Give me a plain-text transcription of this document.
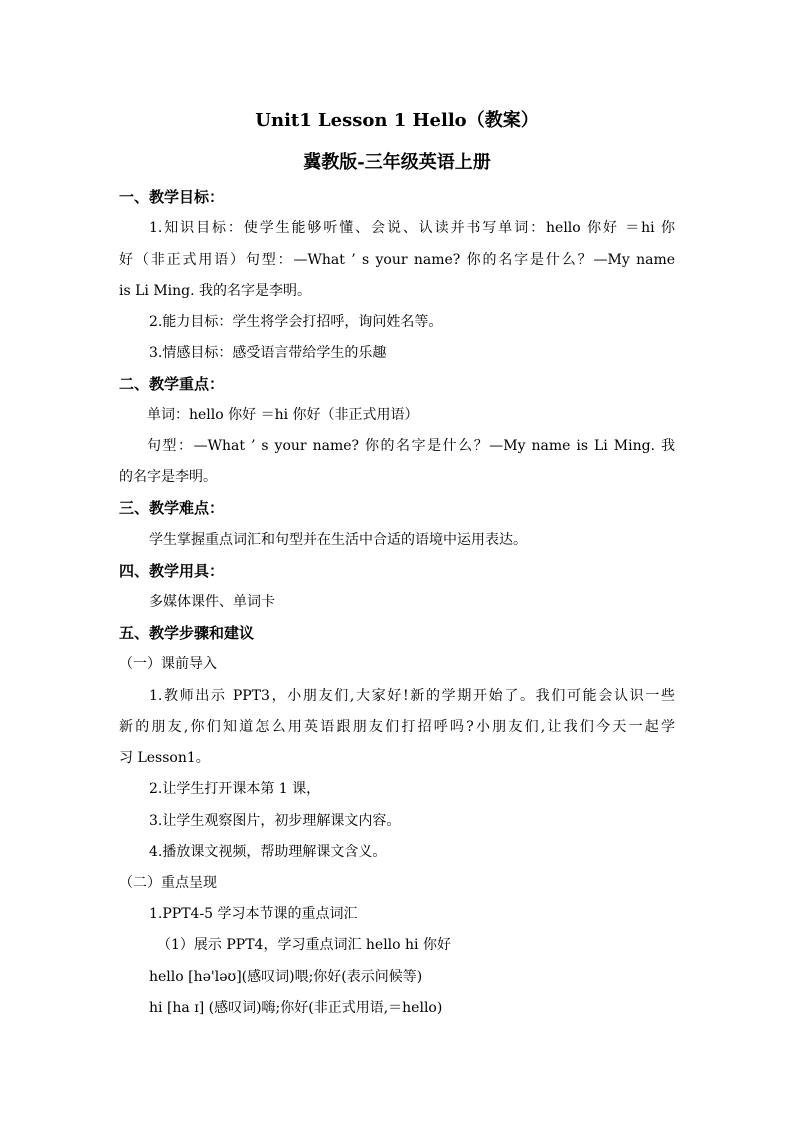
Unit1 Lesson 1 Hello（教案）
冀教版-三年级英语上册
一、教学目标：
1.知识目标：使学生能够听懂、会说、认读并书写单词：hello 你好 ＝hi 你
好（非正式用语）句型：—What ’ s your name? 你的名字是什么？—My name
is Li Ming. 我的名字是李明。
2.能力目标：学生将学会打招呼，询问姓名等。
3.情感目标：感受语言带给学生的乐趣
二、教学重点：
单词：hello 你好 ＝hi 你好（非正式用语）
句型：—What ’ s your name? 你的名字是什么？—My name is Li Ming. 我
的名字是李明。
三、教学难点：
学生掌握重点词汇和句型并在生活中合适的语境中运用表达。
四、教学用具：
多媒体课件、单词卡
五、教学步骤和建议
（一）课前导入
1.教师出示 PPT3，小朋友们,大家好!新的学期开始了。我们可能会认识一些
新的朋友,你们知道怎么用英语跟朋友们打招呼吗?小朋友们,让我们今天一起学
习 Lesson1。
2.让学生打开课本第 1 课，
3.让学生观察图片，初步理解课文内容。
4.播放课文视频，帮助理解课文含义。
（二）重点呈现
1.PPT4-5 学习本节课的重点词汇
（1）展示 PPT4，学习重点词汇 hello hi 你好
hello [hə'ləʊ](感叹词)喂;你好(表示问候等)
hi [ha ɪ] (感叹词)嗨;你好(非正式用语,＝hello)
